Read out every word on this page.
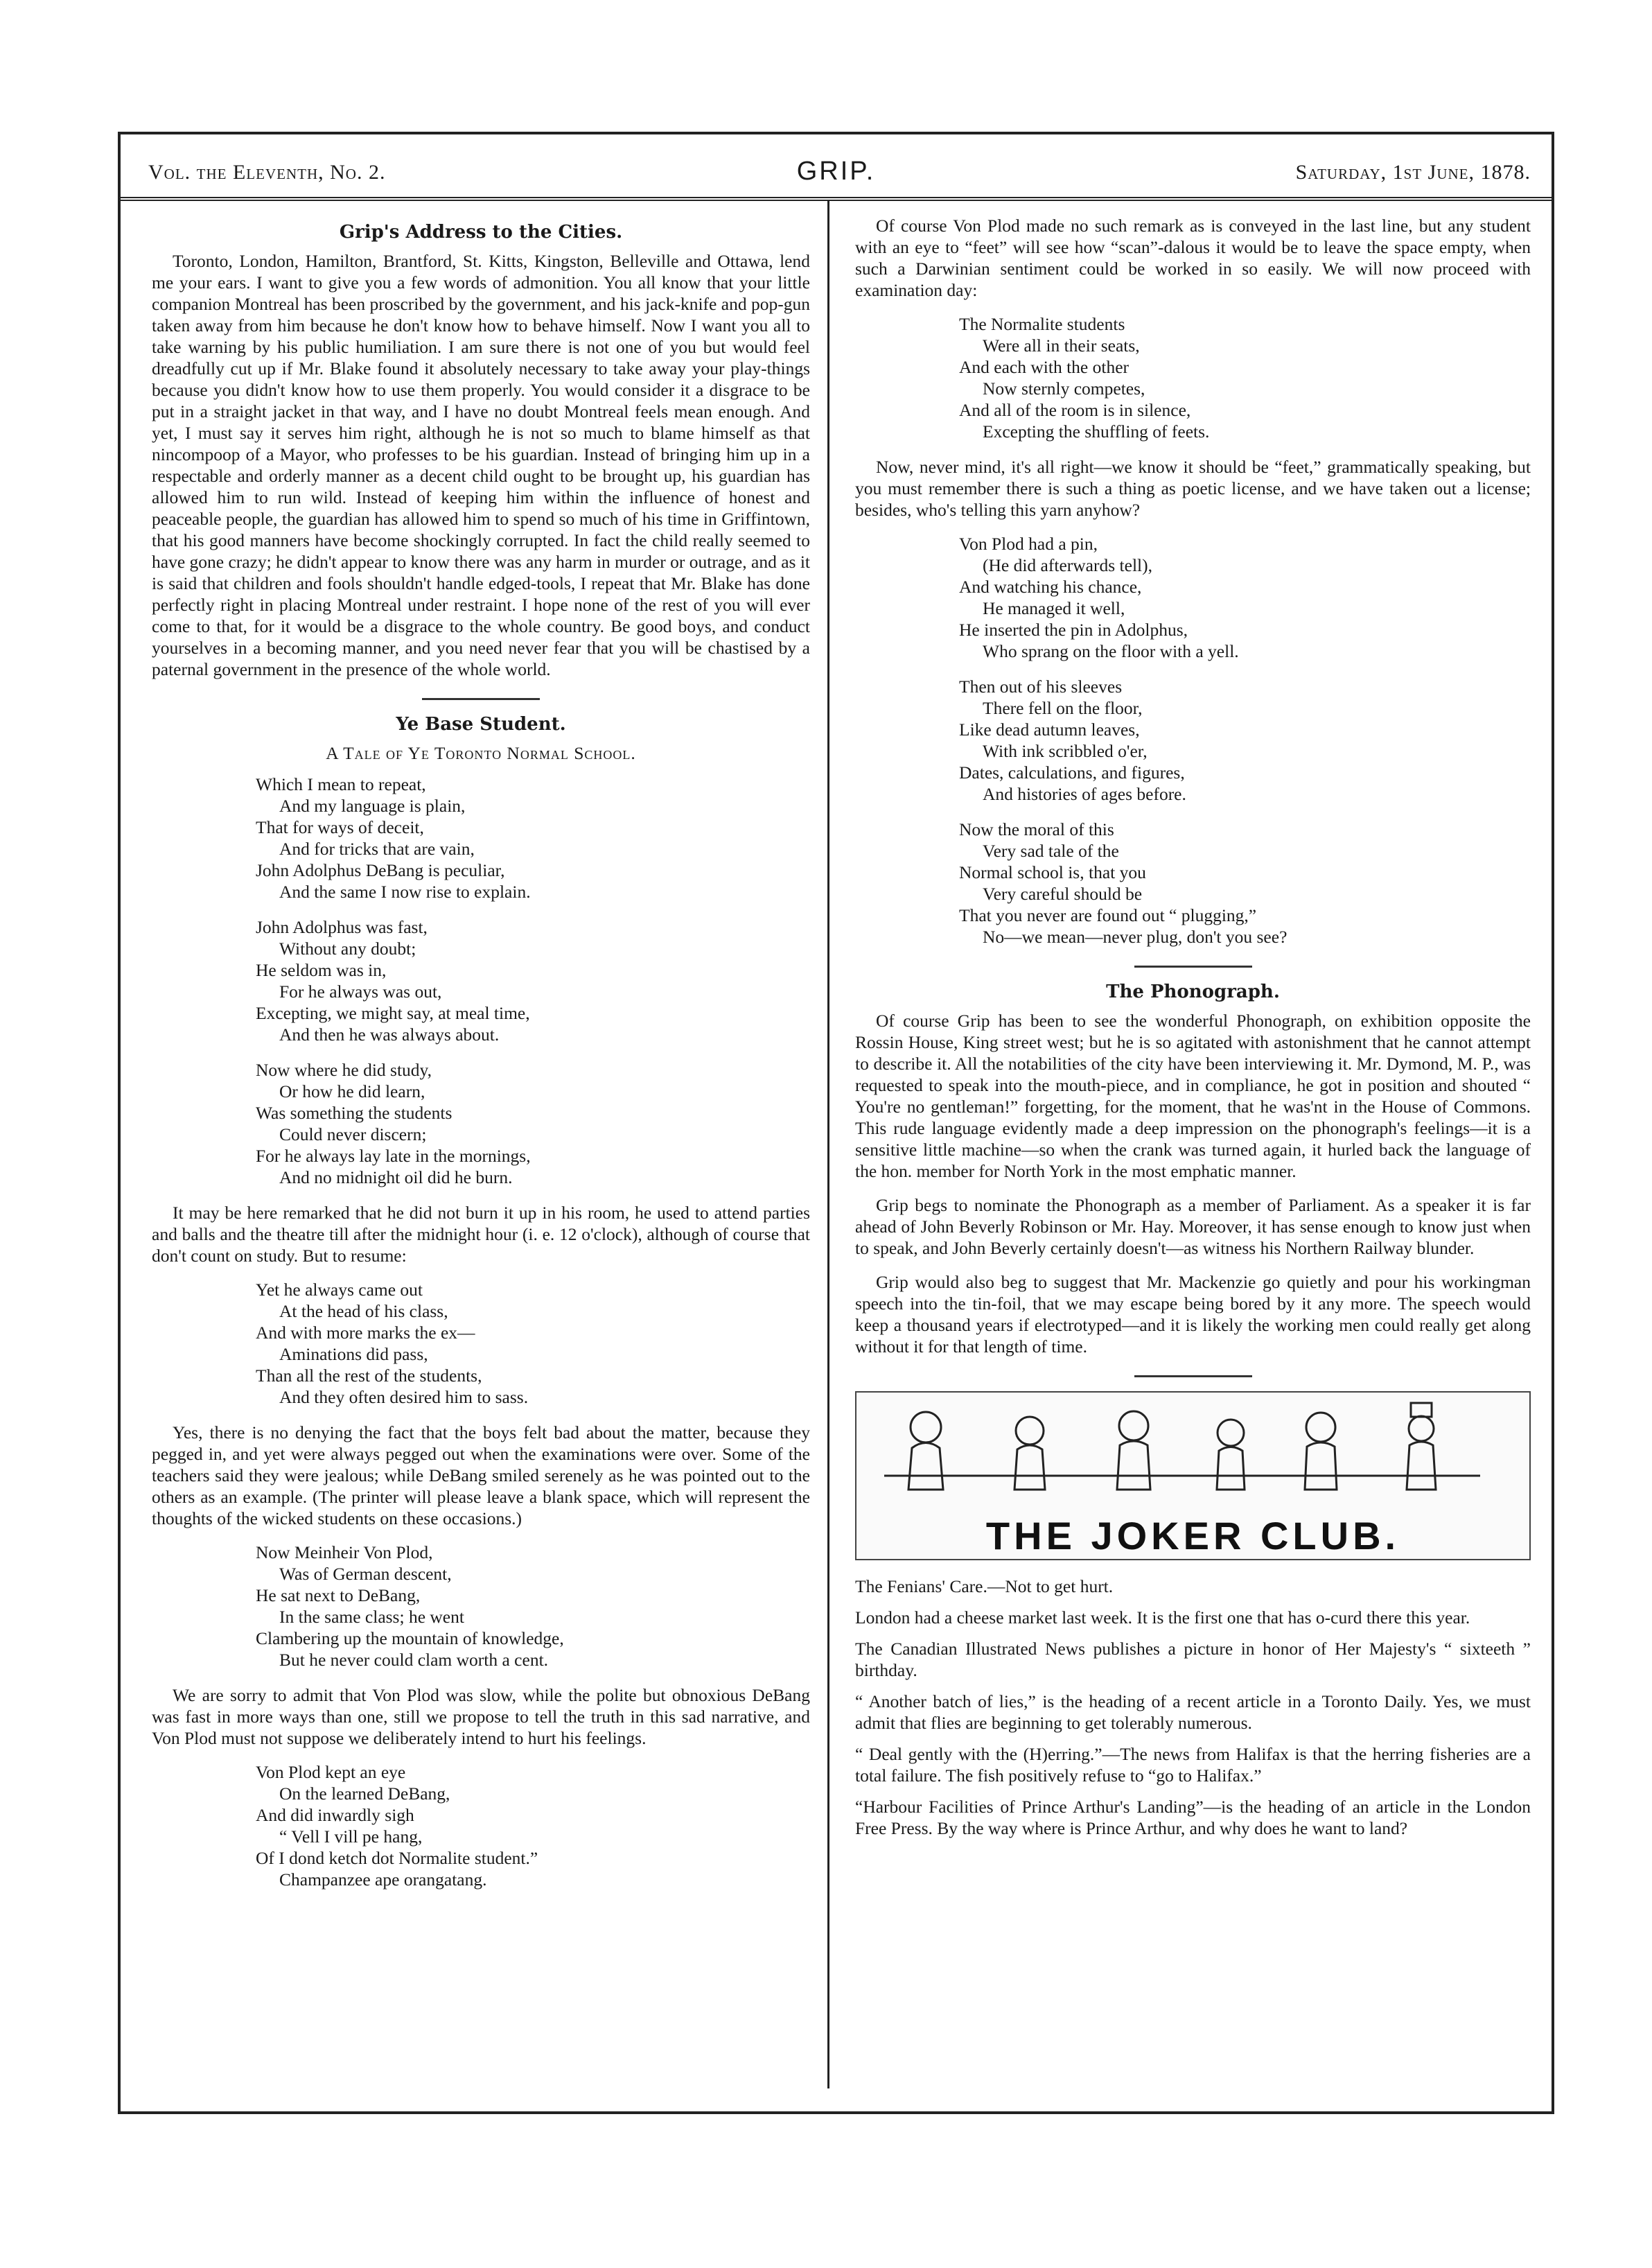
Vol. the Eleventh, No. 2.	GRIP.	Saturday, 1st June, 1878.
Grip's Address to the Cities.

Toronto, London, Hamilton, Brantford, St. Kitts, Kingston, Belleville and Ottawa, lend me your ears. I want to give you a few words of admonition. You all know that your little companion Montreal has been proscribed by the government, and his jack-knife and pop-gun taken away from him because he don't know how to behave himself. Now I want you all to take warning by his public humiliation. I am sure there is not one of you but would feel dreadfully cut up if Mr. Blake found it absolutely necessary to take away your play-things because you didn't know how to use them properly. You would consider it a disgrace to be put in a straight jacket in that way, and I have no doubt Montreal feels mean enough. And yet, I must say it serves him right, although he is not so much to blame himself as that nincompoop of a Mayor, who professes to be his guardian. Instead of bringing him up in a respectable and orderly manner as a decent child ought to be brought up, his guardian has allowed him to run wild. Instead of keeping him within the influence of honest and peaceable people, the guardian has allowed him to spend so much of his time in Griffintown, that his good manners have become shockingly corrupted. In fact the child really seemed to have gone crazy; he didn't appear to know there was any harm in murder or outrage, and as it is said that children and fools shouldn't handle edged-tools, I repeat that Mr. Blake has done perfectly right in placing Montreal under restraint. I hope none of the rest of you will ever come to that, for it would be a disgrace to the whole country. Be good boys, and conduct yourselves in a becoming manner, and you need never fear that you will be chastised by a paternal government in the presence of the whole world.

Ye Base Student.
A Tale of Ye Toronto Normal School.
Which I mean to repeat,
And my language is plain,
That for ways of deceit,
And for tricks that are vain,
John Adolphus DeBang is peculiar,
And the same I now rise to explain.
John Adolphus was fast,
Without any doubt;
He seldom was in,
For he always was out,
Excepting, we might say, at meal time,
And then he was always about.
Now where he did study,
Or how he did learn,
Was something the students
Could never discern;
For he always lay late in the mornings,
And no midnight oil did he burn.

It may be here remarked that he did not burn it up in his room, he used to attend parties and balls and the theatre till after the midnight hour (i. e. 12 o'clock), although of course that don't count on study. But to resume:

Yet he always came out
At the head of his class,
And with more marks the ex—
Aminations did pass,
Than all the rest of the students,
And they often desired him to sass.

Yes, there is no denying the fact that the boys felt bad about the matter, because they pegged in, and yet were always pegged out when the examinations were over. Some of the teachers said they were jealous; while DeBang smiled serenely as he was pointed out to the others as an example. (The printer will please leave a blank space, which will represent the thoughts of the wicked students on these occasions.)

Now Meinheir Von Plod,
Was of German descent,
He sat next to DeBang,
In the same class; he went
Clambering up the mountain of knowledge,
But he never could clam worth a cent.

We are sorry to admit that Von Plod was slow, while the polite but obnoxious DeBang was fast in more ways than one, still we propose to tell the truth in this sad narrative, and Von Plod must not suppose we deliberately intend to hurt his feelings.

Von Plod kept an eye
On the learned DeBang,
And did inwardly sigh
“ Vell I vill pe hang,
Of I dond ketch dot Normalite student.”
Champanzee ape orangatang.

Of course Von Plod made no such remark as is conveyed in the last line, but any student with an eye to “feet” will see how “scan”-dalous it would be to leave the space empty, when such a Darwinian sentiment could be worked in so easily. We will now proceed with examination day:

The Normalite students
Were all in their seats,
And each with the other
Now sternly competes,
And all of the room is in silence,
Excepting the shuffling of feets.

Now, never mind, it's all right—we know it should be “feet,” grammatically speaking, but you must remember there is such a thing as poetic license, and we have taken out a license; besides, who's telling this yarn anyhow?

Von Plod had a pin,
(He did afterwards tell),
And watching his chance,
He managed it well,
He inserted the pin in Adolphus,
Who sprang on the floor with a yell.
Then out of his sleeves
There fell on the floor,
Like dead autumn leaves,
With ink scribbled o'er,
Dates, calculations, and figures,
And histories of ages before.
Now the moral of this
Very sad tale of the
Normal school is, that you
Very careful should be
That you never are found out “ plugging,”
No—we mean—never plug, don't you see?
The Phonograph.

Of course Grip has been to see the wonderful Phonograph, on exhibition opposite the Rossin House, King street west; but he is so agitated with astonishment that he cannot attempt to describe it. All the notabilities of the city have been interviewing it. Mr. Dymond, M. P., was requested to speak into the mouth-piece, and in compliance, he got in position and shouted “ You're no gentleman!” forgetting, for the moment, that he was'nt in the House of Commons. This rude language evidently made a deep impression on the phonograph's feelings—it is a sensitive little machine—so when the crank was turned again, it hurled back the language of the hon. member for North York in the most emphatic manner.

Grip begs to nominate the Phonograph as a member of Parliament. As a speaker it is far ahead of John Beverly Robinson or Mr. Hay. Moreover, it has sense enough to know just when to speak, and John Beverly certainly doesn't—as witness his Northern Railway blunder.

Grip would also beg to suggest that Mr. Mackenzie go quietly and pour his workingman speech into the tin-foil, that we may escape being bored by it any more. The speech would keep a thousand years if electrotyped—and it is likely the working men could really get along without it for that length of time.

THE JOKER CLUB.

The Fenians' Care.—Not to get hurt.

London had a cheese market last week. It is the first one that has o-curd there this year.

The Canadian Illustrated News publishes a picture in honor of Her Majesty's “ sixteeth ” birthday.

“ Another batch of lies,” is the heading of a recent article in a Toronto Daily. Yes, we must admit that flies are beginning to get tolerably numerous.

“ Deal gently with the (H)erring.”—The news from Halifax is that the herring fisheries are a total failure. The fish positively refuse to “go to Halifax.”

“Harbour Facilities of Prince Arthur's Landing”—is the heading of an article in the London Free Press. By the way where is Prince Arthur, and why does he want to land?
